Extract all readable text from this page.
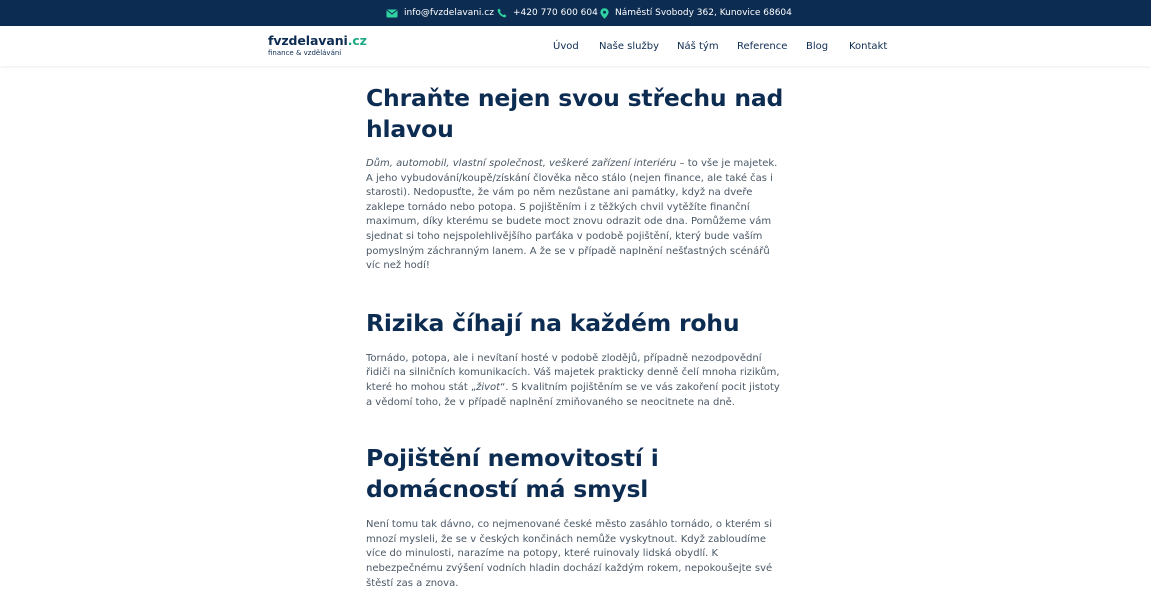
info@fvzdelavani.cz +420 770 600 604 Náměstí Svobody 362, Kunovice 68604
fvzdelavani.cz
finance & vzdělávání
Úvod Naše služby Náš tým Reference Blog Kontakt
Chraňte nejen svou střechu nad hlavou

Dům, automobil, vlastní společnost, veškeré zařízení interiéru – to vše je majetek. A jeho vybudování/koupě/získání člověka něco stálo (nejen finance, ale také čas i starosti). Nedopusťte, že vám po něm nezůstane ani památky, když na dveře zaklepe tornádo nebo potopa. S pojištěním i z těžkých chvil vytěžíte finanční maximum, díky kterému se budete moct znovu odrazit ode dna. Pomůžeme vám sjednat si toho nejspolehlivějšího parťáka v podobě pojištění, který bude vaším pomyslným záchranným lanem. A že se v případě naplnění nešťastných scénářů víc než hodí!

Rizika číhají na každém rohu

Tornádo, potopa, ale i nevítaní hosté v podobě zlodějů, případně nezodpovědní řidiči na silničních komunikacích. Váš majetek prakticky denně čelí mnoha rizikům, které ho mohou stát „život“. S kvalitním pojištěním se ve vás zakoření pocit jistoty a vědomí toho, že v případě naplnění zmiňovaného se neocitnete na dně.

Pojištění nemovitostí i domácností má smysl

Není tomu tak dávno, co nejmenované české město zasáhlo tornádo, o kterém si mnozí mysleli, že se v českých končinách nemůže vyskytnout. Když zabloudíme více do minulosti, narazíme na potopy, které ruinovaly lidská obydlí. K nebezpečnému zvýšení vodních hladin dochází každým rokem, nepokoušejte své štěstí zas a znova.
